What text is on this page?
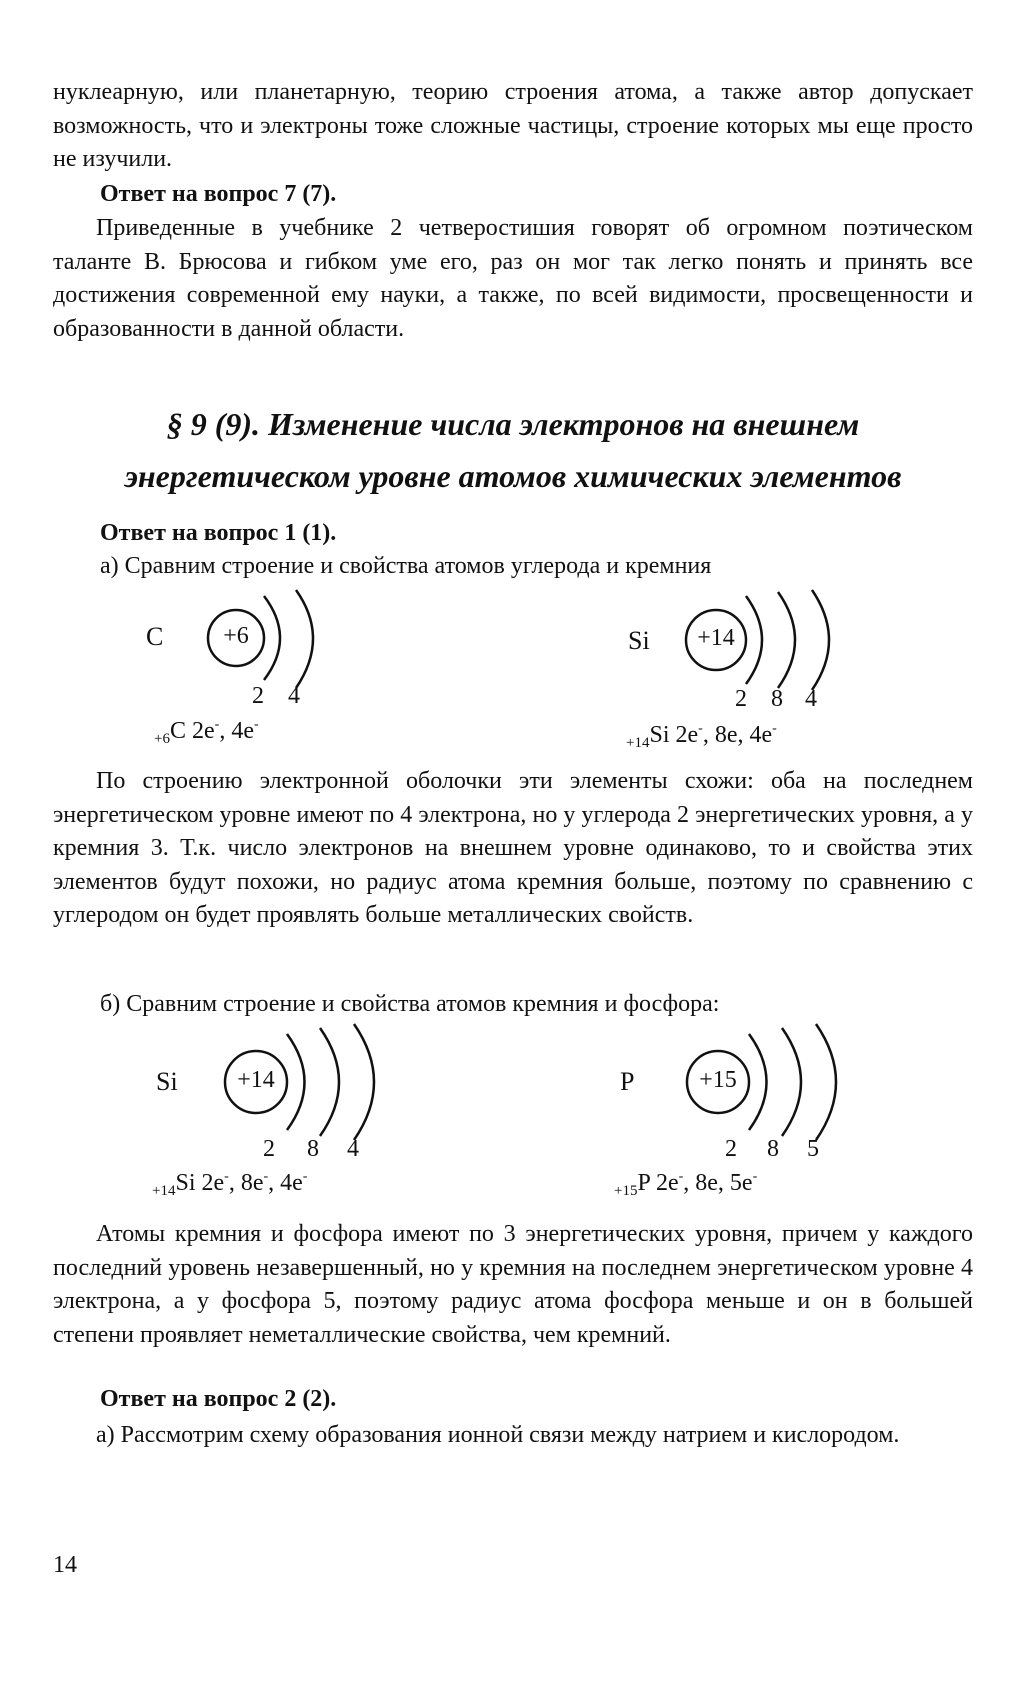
нуклеарную, или планетарную, теорию строения атома, а также автор допускает возможность, что и электроны тоже сложные частицы, строение которых мы еще просто не изучили.

Ответ на вопрос 7 (7).

Приведенные в учебнике 2 четверостишия говорят об огромном поэтическом таланте В. Брюсова и гибком уме его, раз он мог так легко понять и принять все достижения современной ему науки, а также, по всей видимости, просвещенности и образованности в данной области.

§ 9 (9). Изменение числа электронов на внешнем энергетическом уровне атомов химических элементов

Ответ на вопрос 1 (1).

а) Сравним строение и свойства атомов углерода и кремния

C	+6
2	4
$_{+6}$C 2e-, 4e-
Si	+14
2	8 4
$_{+14}$Si 2e-, 8e, 4e-

По строению электронной оболочки эти элементы схожи: оба на последнем энергетическом уровне имеют по 4 электрона, но у углерода 2 энергетических уровня, а у кремния 3. Т.к. число электронов на внешнем уровне одинаково, то и свойства этих элементов будут похожи, но радиус атома кремния больше, поэтому по сравнению с углеродом он будет проявлять больше металлических свойств.

б) Сравним строение и свойства атомов кремния и фосфора:

Si	+14
2	8	4
$_{+14}$Si 2e-, 8e-, 4e-
P	+15
2	8	5
$_{+15}$P 2e-, 8e, 5e-

Атомы кремния и фосфора имеют по 3 энергетических уровня, причем у каждого последний уровень незавершенный, но у кремния на последнем энергетическом уровне 4 электрона, а у фосфора 5, поэтому радиус атома фосфора меньше и он в большей степени проявляет неметаллические свойства, чем кремний.

Ответ на вопрос 2 (2).

а) Рассмотрим схему образования ионной связи между натрием и кислородом.

14
